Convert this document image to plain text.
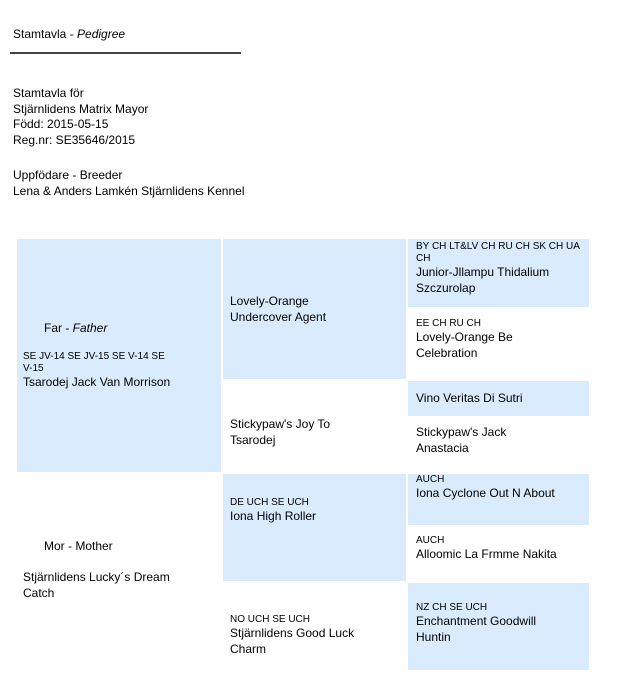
Stamtavla - Pedigree
Stamtavla för
Stjärnlidens Matrix Mayor
Född: 2015-05-15
Reg.nr: SE35646/2015
Uppfödare - Breeder
Lena & Anders Lamkén Stjärnlidens Kennel
Far - Father
SE JV-14 SE JV-15 SE V-14 SE V-15
Tsarodej Jack Van Morrison
Mor - Mother
Stjärnlidens Lucky´s Dream Catch
Lovely-Orange Undercover Agent
Stickypaw's Joy To Tsarodej
DE UCH SE UCH
Iona High Roller
NO UCH SE UCH
Stjärnlidens Good Luck Charm
BY CH LT&LV CH RU CH SK CH UA CH
Junior-Jllampu Thidalium Szczurolap
EE CH RU CH
Lovely-Orange Be Celebration
Vino Veritas Di Sutri
Stickypaw's Jack Anastacia
AUCH
Iona Cyclone Out N About
AUCH
Alloomic La Frmme Nakita
NZ CH SE UCH
Enchantment Goodwill Huntin
